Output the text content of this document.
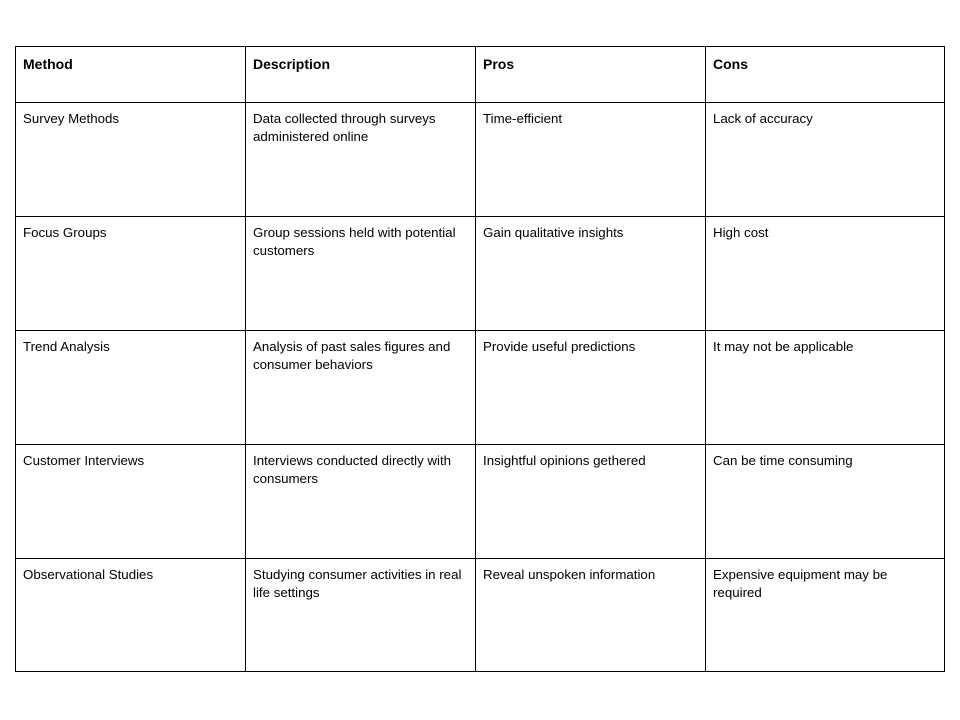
Method	Description	Pros	Cons
Survey Methods	Data collected through surveys administered online	Time-efficient	Lack of accuracy
Focus Groups	Group sessions held with potential customers	Gain qualitative insights	High cost
Trend Analysis	Analysis of past sales figures and consumer behaviors	Provide useful predictions	It may not be applicable
Customer Interviews	Interviews conducted directly with consumers	Insightful opinions gethered	Can be time consuming
Observational Studies	Studying consumer activities in real life settings	Reveal unspoken information	Expensive equipment may be required
